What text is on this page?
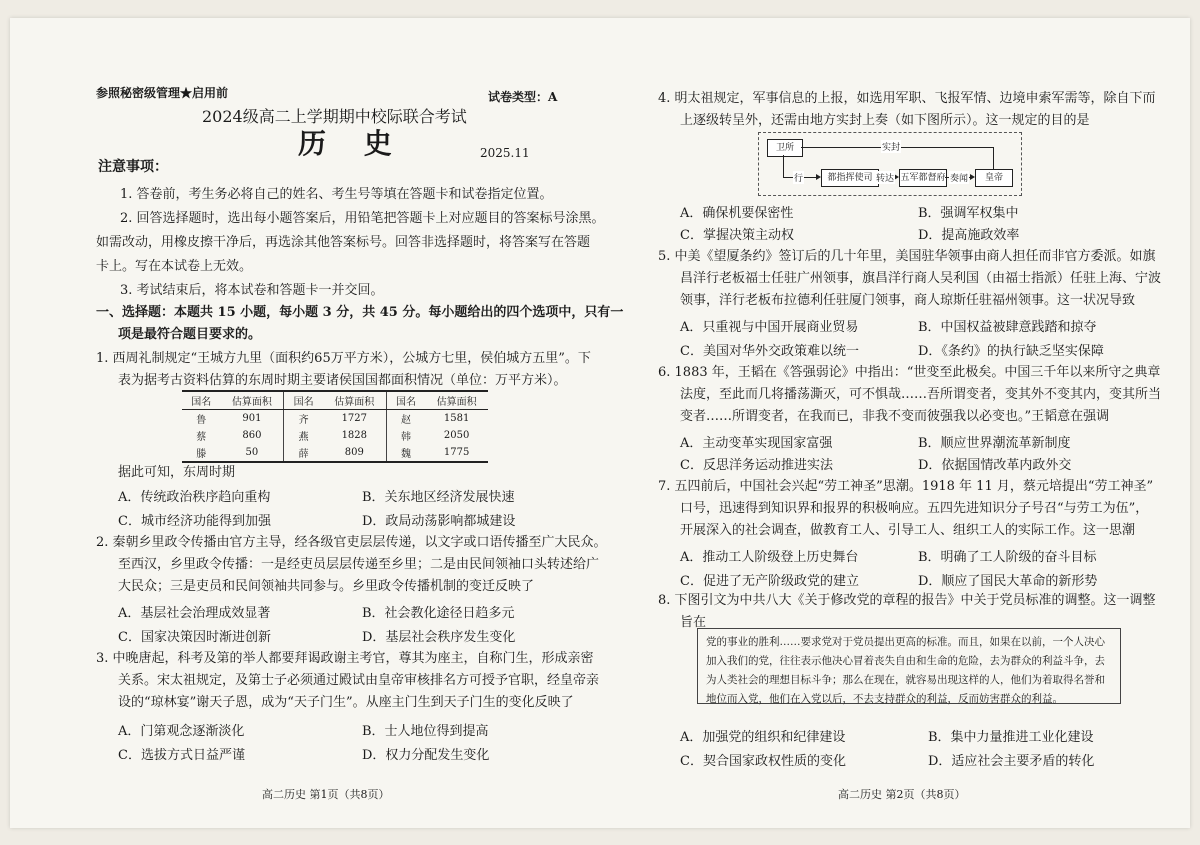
参照秘密级管理★启用前	试卷类型：A
2024级高二上学期期中校际联合考试
历 史	2025.11
注意事项：
1. 答卷前，考生务必将自己的姓名、考生号等填在答题卡和试卷指定位置。
2. 回答选择题时，选出每小题答案后，用铅笔把答题卡上对应题目的答案标号涂黑。
如需改动，用橡皮擦干净后，再选涂其他答案标号。回答非选择题时，将答案写在答题
卡上。写在本试卷上无效。
3. 考试结束后，将本试卷和答题卡一并交回。
一、选择题：本题共 15 小题，每小题 3 分，共 45 分。每小题给出的四个选项中，只有一
项是最符合题目要求的。
1. 西周礼制规定“王城方九里（面积约65万平方米），公城方七里，侯伯城方五里”。下
表为据考古资料估算的东周时期主要诸侯国国都面积情况（单位：万平方米）。
国名	估算面积	国名	估算面积	国名	估算面积
鲁	901	齐	1727	赵	1581
蔡	860	燕	1828	韩	2050
滕	50	薛	809	魏	1775
据此可知，东周时期
A．传统政治秩序趋向重构	B．关东地区经济发展快速
C．城市经济功能得到加强	D．政局动荡影响都城建设
2. 秦朝乡里政令传播由官方主导，经各级官吏层层传递，以文字或口语传播至广大民众。
至西汉，乡里政令传播：一是经吏员层层传递至乡里；二是由民间领袖口头转述给广
大民众；三是吏员和民间领袖共同参与。乡里政令传播机制的变迁反映了
A．基层社会治理成效显著	B．社会教化途径日趋多元
C．国家决策因时渐进创新	D．基层社会秩序发生变化
3. 中晚唐起，科考及第的举人都要拜谒政谢主考官，尊其为座主，自称门生，形成亲密
关系。宋太祖规定，及第士子必须通过殿试由皇帝审核排名方可授予官职，经皇帝亲
设的“琼林宴”谢天子恩，成为“天子门生”。从座主门生到天子门生的变化反映了
A．门第观念逐渐淡化	B．士人地位得到提高
C．选拔方式日益严谨	D．权力分配发生变化
高二历史 第1页（共8页）
4. 明太祖规定，军事信息的上报，如选用军职、飞报军情、边境申索军需等，除自下而
上逐级转呈外，还需由地方实封上奏（如下图所示）。这一规定的目的是
A．确保机要保密性	B．强调军权集中
C．掌握决策主动权	D．提高施政效率
5. 中美《望厦条约》签订后的几十年里，美国驻华领事由商人担任而非官方委派。如旗
昌洋行老板福士任驻广州领事，旗昌洋行商人吴利国（由福士指派）任驻上海、宁波
领事，洋行老板布拉德利任驻厦门领事，商人琼斯任驻福州领事。这一状况导致
A．只重视与中国开展商业贸易	B．中国权益被肆意践踏和掠夺
C．美国对华外交政策难以统一	D．《条约》的执行缺乏坚实保障
6. 1883 年，王韬在《答强弱论》中指出：“世变至此极矣。中国三千年以来所守之典章
法度，至此而几将播荡澌灭，可不惧哉……吾所谓变者，变其外不变其内，变其所当
变者……所谓变者，在我而已，非我不变而彼强我以必变也。”王韬意在强调
A．主动变革实现国家富强	B．顺应世界潮流革新制度
C．反思洋务运动推进实法	D．依据国情改革内政外交
7. 五四前后，中国社会兴起“劳工神圣”思潮。1918 年 11 月，蔡元培提出“劳工神圣”
口号，迅速得到知识界和报界的积极响应。五四先进知识分子号召“与劳工为伍”，
开展深入的社会调查，做教育工人、引导工人、组织工人的实际工作。这一思潮
A．推动工人阶级登上历史舞台	B．明确了工人阶级的奋斗目标
C．促进了无产阶级政党的建立	D．顺应了国民大革命的新形势
8. 下图引文为中共八大《关于修改党的章程的报告》中关于党员标准的调整。这一调整
旨在
A．加强党的组织和纪律建设	B．集中力量推进工业化建设
C．契合国家政权性质的变化	D．适应社会主要矛盾的转化
高二历史 第2页（共8页）
卫所
都指挥使司	五军都督府	皇帝
实封
行	转达	奏闻
党的事业的胜利……要求党对于党员提出更高的标准。而且，如果在以前，一个人决心加入我们的党，往往表示他决心冒着丧失自由和生命的危险，去为群众的利益斗争，去为人类社会的理想目标斗争；那么在现在，就容易出现这样的人，他们为着取得名誉和地位而入党，他们在入党以后，不去支持群众的利益，反而妨害群众的利益。
